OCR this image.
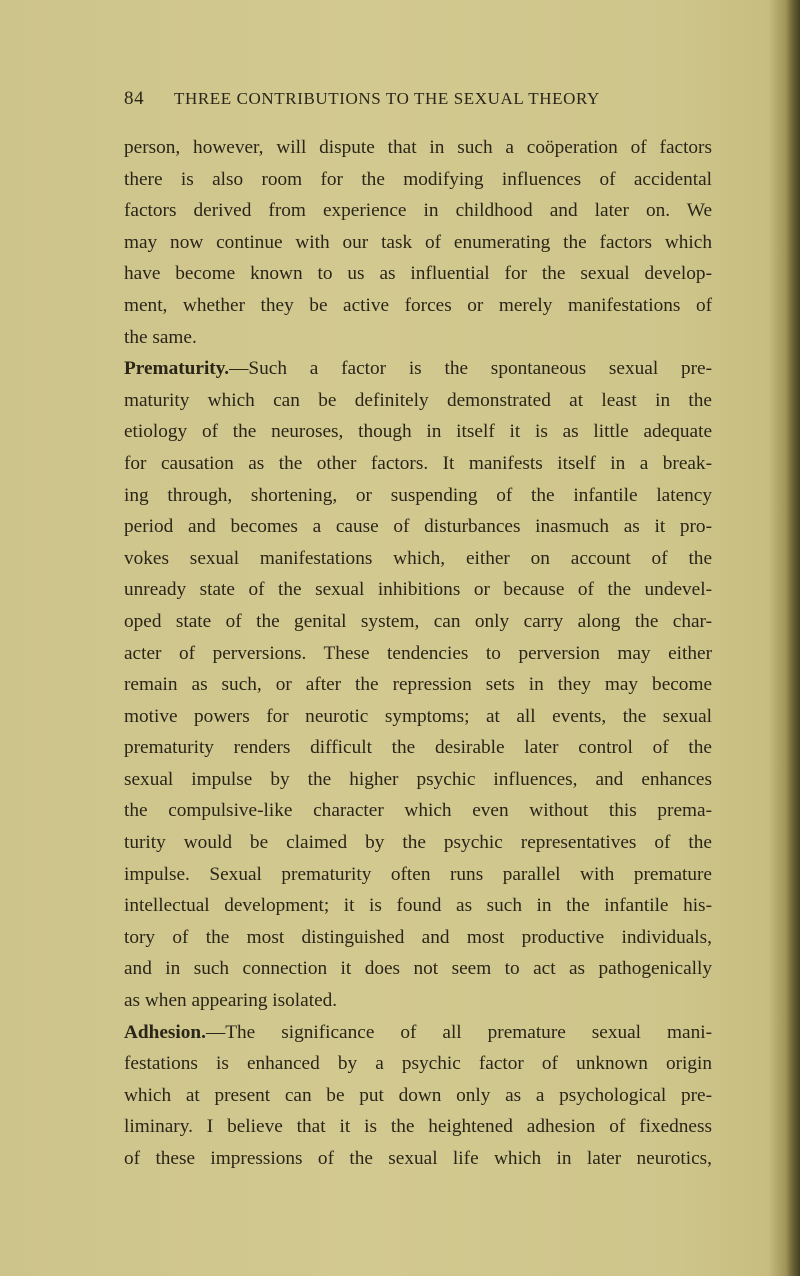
84 THREE CONTRIBUTIONS TO THE SEXUAL THEORY
person, however, will dispute that in such a coöperation of factors
there is also room for the modifying influences of accidental
factors derived from experience in childhood and later on. We
may now continue with our task of enumerating the factors which
have become known to us as influential for the sexual develop-
ment, whether they be active forces or merely manifestations of
the same.
Prematurity.—Such a factor is the spontaneous sexual pre-
maturity which can be definitely demonstrated at least in the
etiology of the neuroses, though in itself it is as little adequate
for causation as the other factors. It manifests itself in a break-
ing through, shortening, or suspending of the infantile latency
period and becomes a cause of disturbances inasmuch as it pro-
vokes sexual manifestations which, either on account of the
unready state of the sexual inhibitions or because of the undevel-
oped state of the genital system, can only carry along the char-
acter of perversions. These tendencies to perversion may either
remain as such, or after the repression sets in they may become
motive powers for neurotic symptoms; at all events, the sexual
prematurity renders difficult the desirable later control of the
sexual impulse by the higher psychic influences, and enhances
the compulsive-like character which even without this prema-
turity would be claimed by the psychic representatives of the
impulse. Sexual prematurity often runs parallel with premature
intellectual development; it is found as such in the infantile his-
tory of the most distinguished and most productive individuals,
and in such connection it does not seem to act as pathogenically
as when appearing isolated.
Adhesion.—The significance of all premature sexual mani-
festations is enhanced by a psychic factor of unknown origin
which at present can be put down only as a psychological pre-
liminary. I believe that it is the heightened adhesion of fixedness
of these impressions of the sexual life which in later neurotics,
